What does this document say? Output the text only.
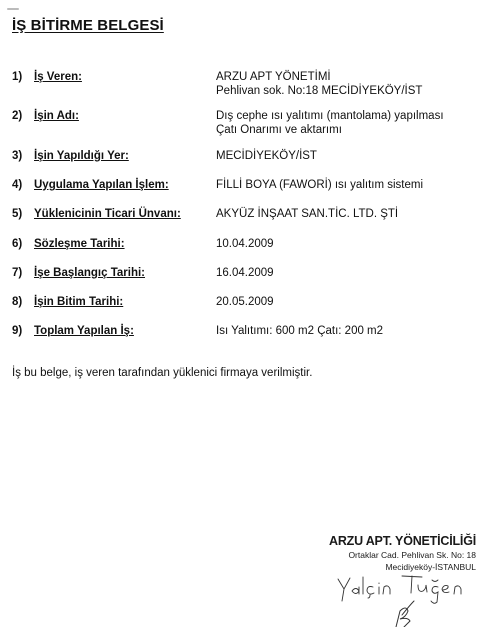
İŞ BİTİRME BELGESİ
1) İş Veren:	ARZU APT YÖNETİMİ
Pehlivan sok. No:18 MECİDİYEKÖY/İST
2) İşin Adı:	Dış cephe ısı yalıtımı (mantolama) yapılması
Çatı Onarımı ve aktarımı
3) İşin Yapıldığı Yer:	MECİDİYEKÖY/İST
4) Uygulama Yapılan İşlem:	FİLLİ BOYA (FAWORİ) ısı yalıtım sistemi
5) Yüklenicinin Ticari Ünvanı:	AKYÜZ İNŞAAT SAN.TİC. LTD. ŞTİ
6) Sözleşme Tarihi:	10.04.2009
7) İşe Başlangıç Tarihi:	16.04.2009
8) İşin Bitim Tarihi:	20.05.2009
9) Toplam Yapılan İş:	Isı Yalıtımı: 600 m2 Çatı: 200 m2
İş bu belge, iş veren tarafından yüklenici firmaya verilmiştir.
ARZU APT. YÖNETİCİLİĞİ
Ortaklar Cad. Pehlivan Sk. No: 18
Mecidiyeköy-İSTANBUL
